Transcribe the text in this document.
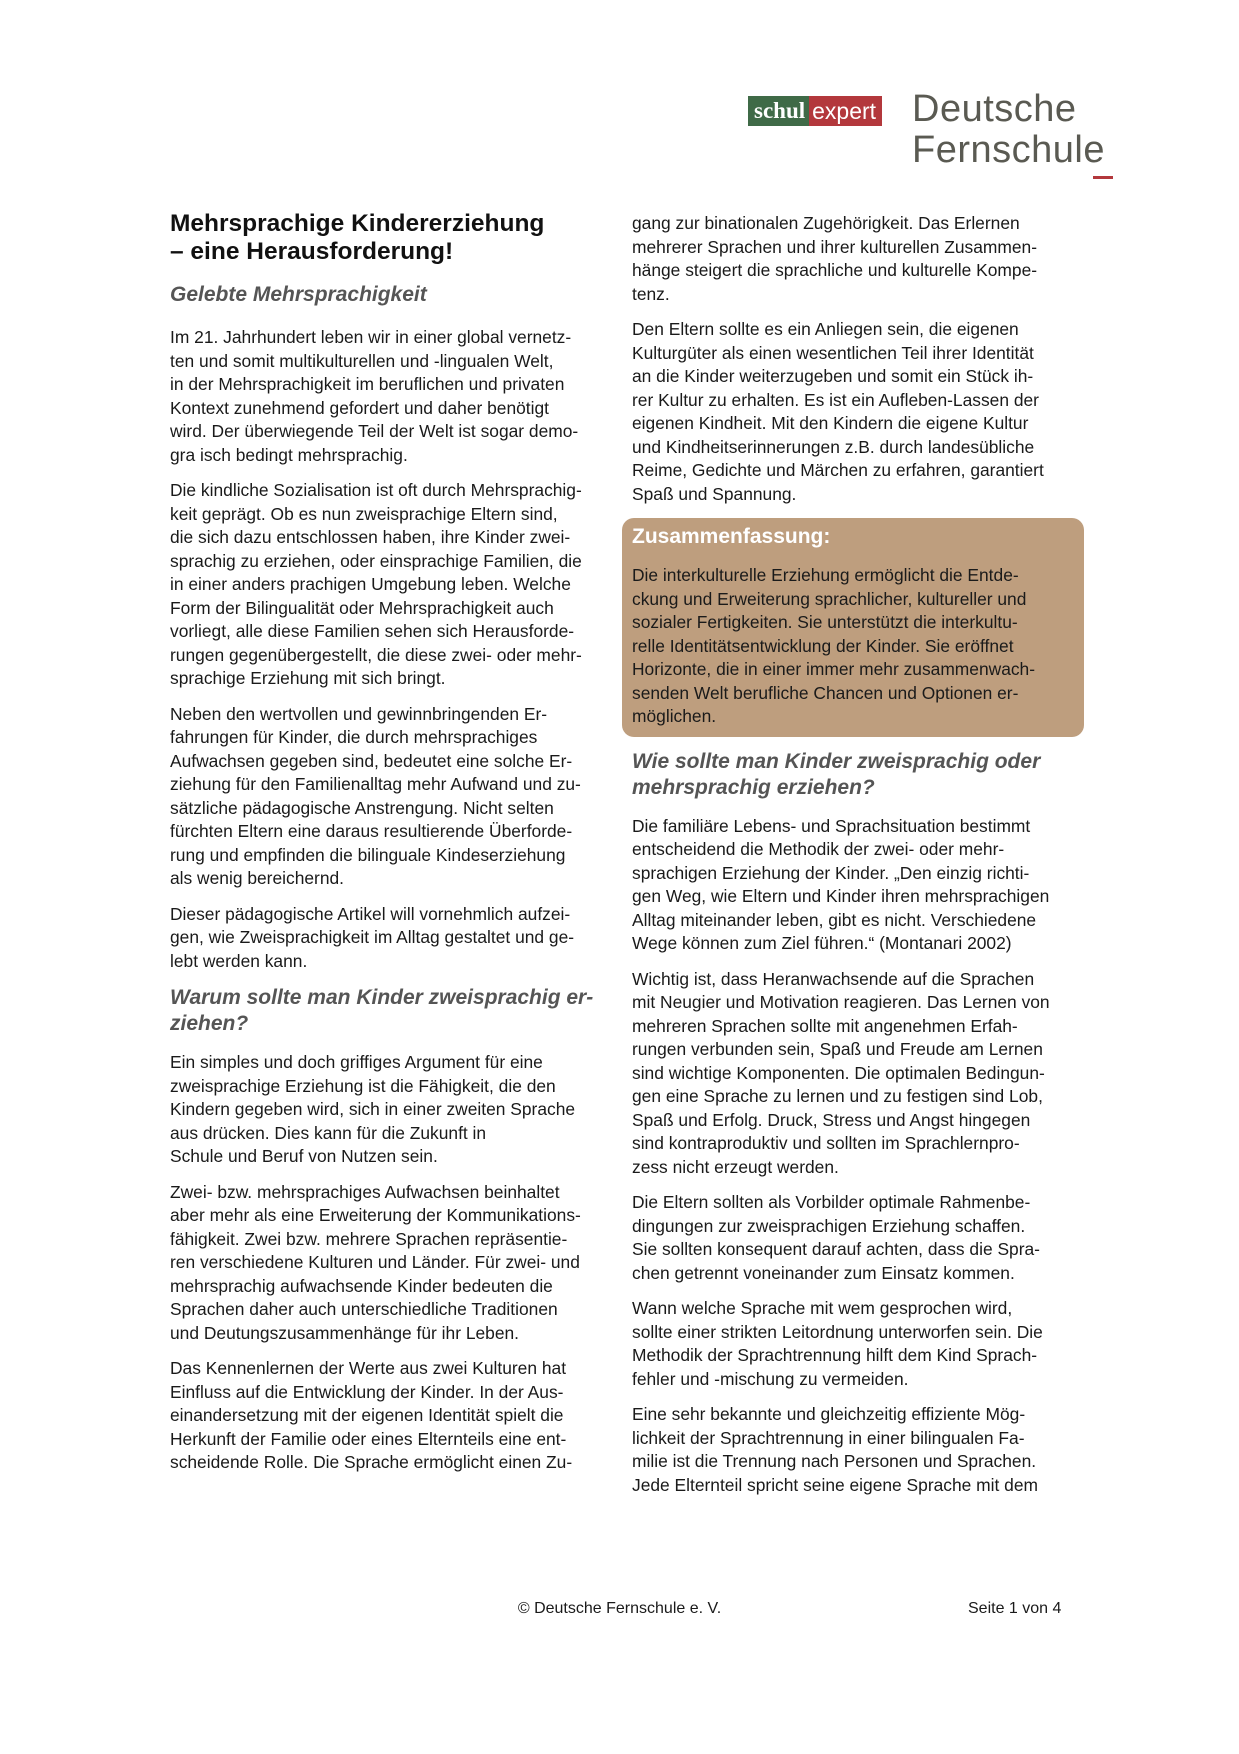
schul expert Deutsche
Fernschule
Mehrsprachige Kindererziehung
– eine Herausforderung!
Gelebte Mehrsprachigkeit

Im 21. Jahrhundert leben wir in einer global vernetz-
ten und somit multikulturellen und -lingualen Welt,
in der Mehrsprachigkeit im beruflichen und privaten
Kontext zunehmend gefordert und daher benötigt
wird. Der überwiegende Teil der Welt ist sogar demo-
gra isch bedingt mehrsprachig.

Die kindliche Sozialisation ist oft durch Mehrsprachig-
keit geprägt. Ob es nun zweisprachige Eltern sind,
die sich dazu entschlossen haben, ihre Kinder zwei-
sprachig zu erziehen, oder einsprachige Familien, die
in einer anders prachigen Umgebung leben. Welche
Form der Bilingualität oder Mehrsprachigkeit auch
vorliegt, alle diese Familien sehen sich Herausforde-
rungen gegenübergestellt, die diese zwei- oder mehr-
sprachige Erziehung mit sich bringt.

Neben den wertvollen und gewinnbringenden Er-
fahrungen für Kinder, die durch mehrsprachiges
Aufwachsen gegeben sind, bedeutet eine solche Er-
ziehung für den Familienalltag mehr Aufwand und zu-
sätzliche pädagogische Anstrengung. Nicht selten
fürchten Eltern eine daraus resultierende Überforde-
rung und empfinden die bilinguale Kindeserziehung
als wenig bereichernd.

Dieser pädagogische Artikel will vornehmlich aufzei-
gen, wie Zweisprachigkeit im Alltag gestaltet und ge-
lebt werden kann.

Warum sollte man Kinder zweisprachig er-
ziehen?

Ein simples und doch griffiges Argument für eine
zweisprachige Erziehung ist die Fähigkeit, die den
Kindern gegeben wird, sich in einer zweiten Sprache
aus drücken. Dies kann für die Zukunft in
Schule und Beruf von Nutzen sein.

Zwei- bzw. mehrsprachiges Aufwachsen beinhaltet
aber mehr als eine Erweiterung der Kommunikations-
fähigkeit. Zwei bzw. mehrere Sprachen repräsentie-
ren verschiedene Kulturen und Länder. Für zwei- und
mehrsprachig aufwachsende Kinder bedeuten die
Sprachen daher auch unterschiedliche Traditionen
und Deutungszusammenhänge für ihr Leben.

Das Kennenlernen der Werte aus zwei Kulturen hat
Einfluss auf die Entwicklung der Kinder. In der Aus-
einandersetzung mit der eigenen Identität spielt die
Herkunft der Familie oder eines Elternteils eine ent-
scheidende Rolle. Die Sprache ermöglicht einen Zu-

gang zur binationalen Zugehörigkeit. Das Erlernen
mehrerer Sprachen und ihrer kulturellen Zusammen-
hänge steigert die sprachliche und kulturelle Kompe-
tenz.

Den Eltern sollte es ein Anliegen sein, die eigenen
Kulturgüter als einen wesentlichen Teil ihrer Identität
an die Kinder weiterzugeben und somit ein Stück ih-
rer Kultur zu erhalten. Es ist ein Aufleben-Lassen der
eigenen Kindheit. Mit den Kindern die eigene Kultur
und Kindheitserinnerungen z.B. durch landesübliche
Reime, Gedichte und Märchen zu erfahren, garantiert
Spaß und Spannung.

Zusammenfassung:

Die interkulturelle Erziehung ermöglicht die Entde-
ckung und Erweiterung sprachlicher, kultureller und
sozialer Fertigkeiten. Sie unterstützt die interkultu-
relle Identitätsentwicklung der Kinder. Sie eröffnet
Horizonte, die in einer immer mehr zusammenwach-
senden Welt berufliche Chancen und Optionen er-
möglichen.

Wie sollte man Kinder zweisprachig oder
mehrsprachig erziehen?

Die familiäre Lebens- und Sprachsituation bestimmt
entscheidend die Methodik der zwei- oder mehr-
sprachigen Erziehung der Kinder. „Den einzig richti-
gen Weg, wie Eltern und Kinder ihren mehrsprachigen
Alltag miteinander leben, gibt es nicht. Verschiedene
Wege können zum Ziel führen.“ (Montanari 2002)

Wichtig ist, dass Heranwachsende auf die Sprachen
mit Neugier und Motivation reagieren. Das Lernen von
mehreren Sprachen sollte mit angenehmen Erfah-
rungen verbunden sein, Spaß und Freude am Lernen
sind wichtige Komponenten. Die optimalen Bedingun-
gen eine Sprache zu lernen und zu festigen sind Lob,
Spaß und Erfolg. Druck, Stress und Angst hingegen
sind kontraproduktiv und sollten im Sprachlernpro-
zess nicht erzeugt werden.

Die Eltern sollten als Vorbilder optimale Rahmenbe-
dingungen zur zweisprachigen Erziehung schaffen.
Sie sollten konsequent darauf achten, dass die Spra-
chen getrennt voneinander zum Einsatz kommen.

Wann welche Sprache mit wem gesprochen wird,
sollte einer strikten Leitordnung unterworfen sein. Die
Methodik der Sprachtrennung hilft dem Kind Sprach-
fehler und -mischung zu vermeiden.

Eine sehr bekannte und gleichzeitig effiziente Mög-
lichkeit der Sprachtrennung in einer bilingualen Fa-
milie ist die Trennung nach Personen und Sprachen.
Jede Elternteil spricht seine eigene Sprache mit dem

© Deutsche Fernschule e. V.	Seite 1 von 4
